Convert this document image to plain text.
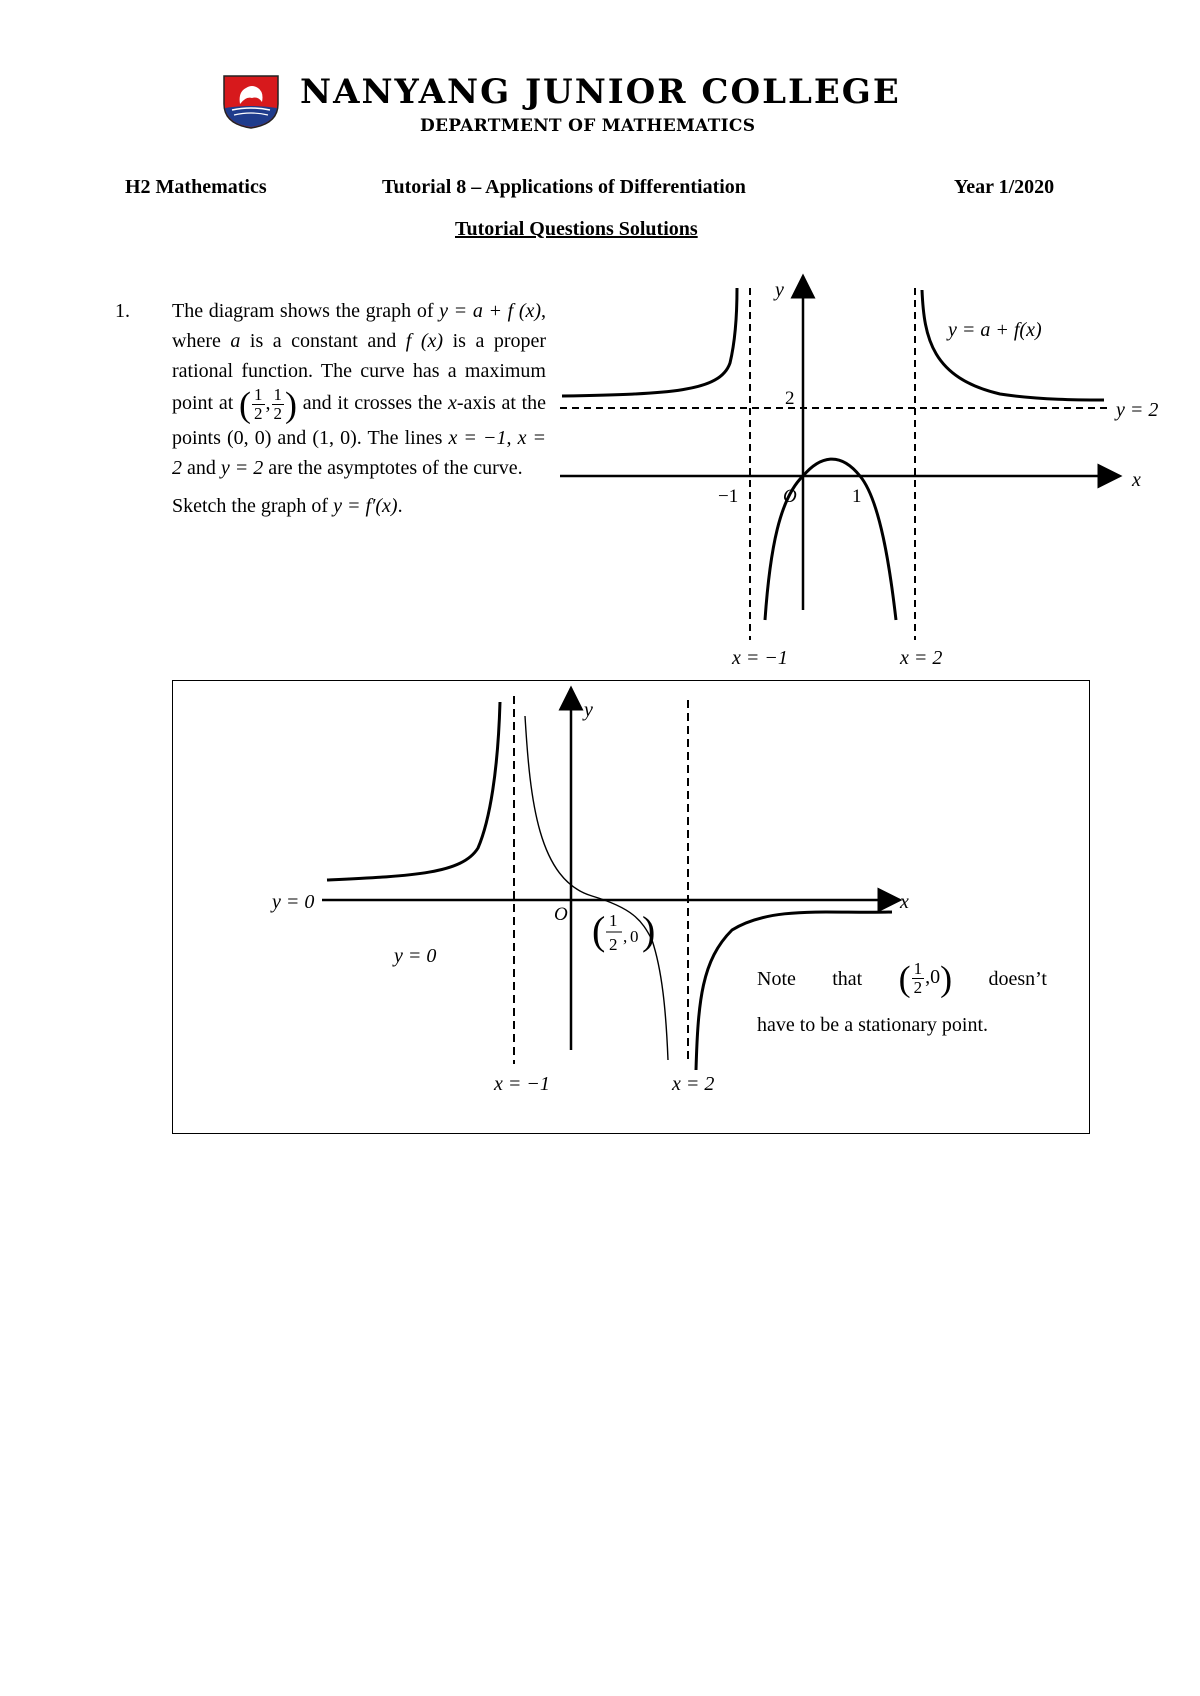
NANYANG JUNIOR COLLEGE
DEPARTMENT OF MATHEMATICS
H2 Mathematics	Tutorial 8 – Applications of Differentiation	Year 1/2020
Tutorial Questions Solutions
1. The diagram shows the graph of y = a + f (x), where a is a constant and f (x) is a proper rational function. The curve has a maximum point at ( $\frac{1}{2}$ , $\frac{1}{2}$ ) and it crosses the x-axis at the points (0, 0) and (1, 0). The lines x = −1, x = 2 and y = 2 are the asymptotes of the curve.

Sketch the graph of y = f′(x).

y
x
y = a + f(x)
2
−1 O	1
y = 2
x = −1	x = 2
y
x
y = 0
y = 0
O ( 1
2 , 0 )
x = −1	x = 2
Note that ( $\frac{1}{2} ,0$) doesn’t
have to be a stationary point.
